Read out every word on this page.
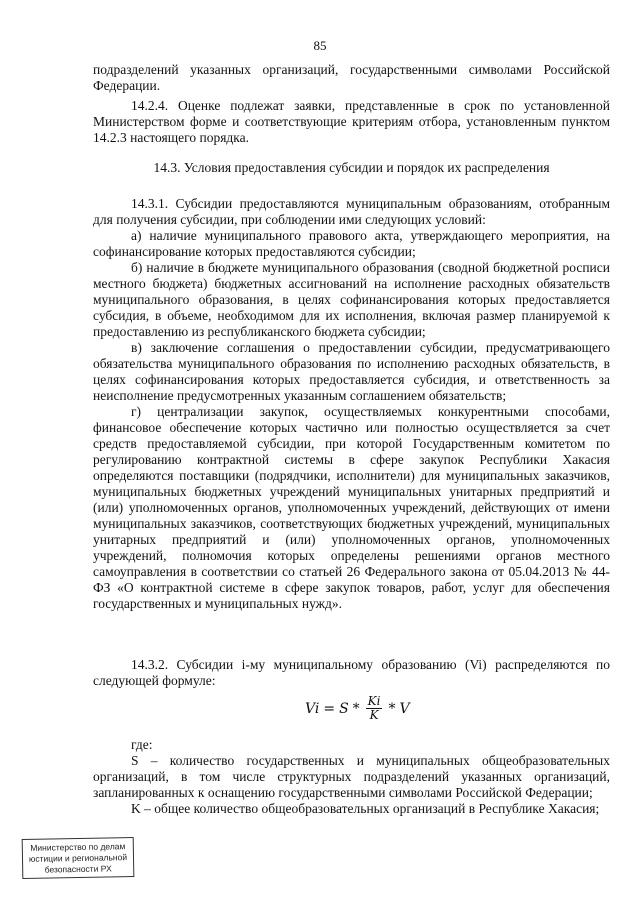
85

подразделений указанных организаций, государственными символами Российской Федерации.

14.2.4. Оценке подлежат заявки, представленные в срок по установленной Министерством форме и соответствующие критериям отбора, установленным пунктом 14.2.3 настоящего порядка.

14.3. Условия предоставления субсидии и порядок их распределения

14.3.1. Субсидии предоставляются муниципальным образованиям, отобранным для получения субсидии, при соблюдении ими следующих условий:

а) наличие муниципального правового акта, утверждающего мероприятия, на софинансирование которых предоставляются субсидии;

б) наличие в бюджете муниципального образования (сводной бюджетной росписи местного бюджета) бюджетных ассигнований на исполнение расходных обязательств муниципального образования, в целях софинансирования которых предоставляется субсидия, в объеме, необходимом для их исполнения, включая размер планируемой к предоставлению из республиканского бюджета субсидии;

в) заключение соглашения о предоставлении субсидии, предусматривающего обязательства муниципального образования по исполнению расходных обязательств, в целях софинансирования которых предоставляется субсидия, и ответственность за неисполнение предусмотренных указанным соглашением обязательств;

г) централизации закупок, осуществляемых конкурентными способами, финансовое обеспечение которых частично или полностью осуществляется за счет средств предоставляемой субсидии, при которой Государственным комитетом по регулированию контрактной системы в сфере закупок Республики Хакасия определяются поставщики (подрядчики, исполнители) для муниципальных заказчиков, муниципальных бюджетных учреждений муниципальных унитарных предприятий и (или) уполномоченных органов, уполномоченных учреждений, действующих от имени муниципальных заказчиков, соответствующих бюджетных учреждений, муниципальных унитарных предприятий и (или) уполномоченных органов, уполномоченных учреждений, полномочия которых определены решениями органов местного самоуправления в соответствии со статьей 26 Федерального закона от 05.04.2013 № 44-ФЗ «О контрактной системе в сфере закупок товаров, работ, услуг для обеспечения государственных и муниципальных нужд».

14.3.2. Субсидии i-му муниципальному образованию (Vi) распределяются по следующей формуле:

$Vi = S * \frac{Ki}{K} * V$

где:

S – количество государственных и муниципальных общеобразовательных организаций, в том числе структурных подразделений указанных организаций, запланированных к оснащению государственными символами Российской Федерации;

K – общее количество общеобразовательных организаций в Республике Хакасия;

Министерство по делам
юстиции и региональной
безопасности РХ
